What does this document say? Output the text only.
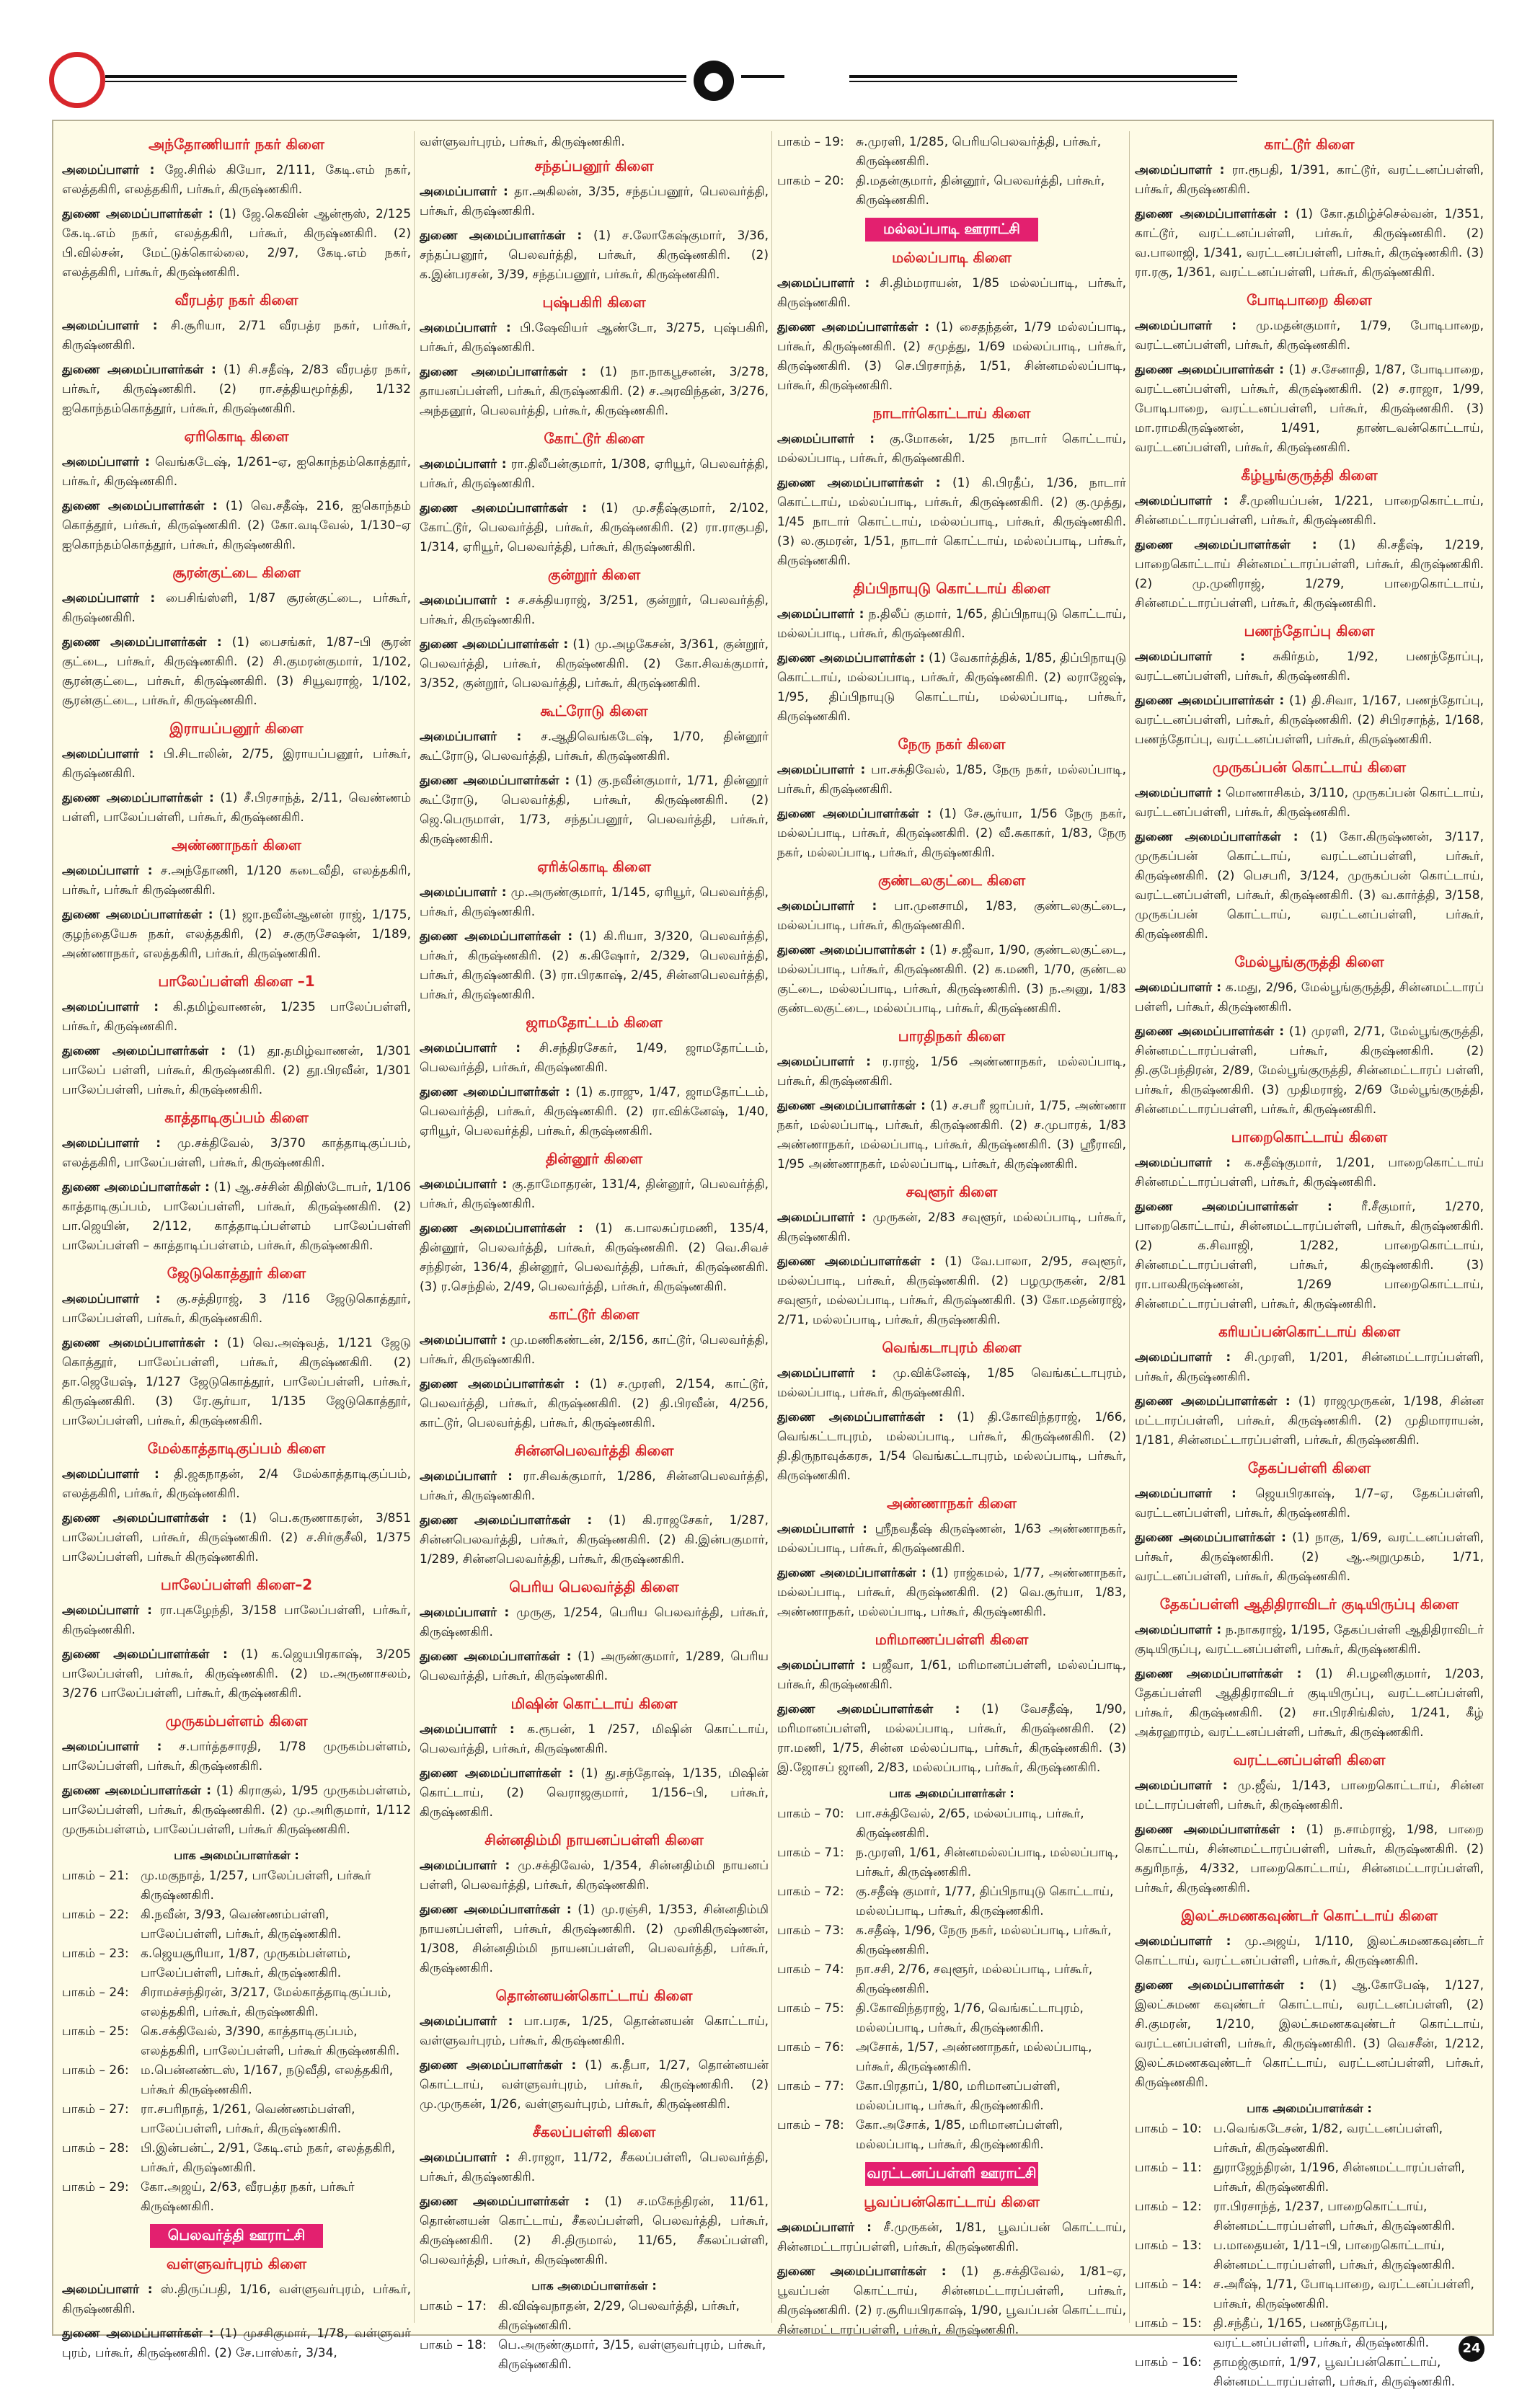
●
அந்தோணியார் நகர் கிளை

அமைப்பாளர் : ஜே.சிரில் கியோ, 2/111, கேடி.எம் நகர், எலத்தகிரி, எலத்தகிரி, பர்கூர், கிருஷ்ணகிரி.

துணை அமைப்பாளர்கள் : (1) ஜே.கெவின் ஆன்ரூஸ், 2/125 கே.டி.எம் நகர், எலத்தகிரி, பர்கூர், கிருஷ்ணகிரி. (2) பி.வில்சன், மேட்டுக்கொல்லை, 2/97, கேடி.எம் நகர், எலத்தகிரி, பர்கூர், கிருஷ்ணகிரி.

வீரபத்ர நகர் கிளை

அமைப்பாளர் : சி.சூரியா, 2/71 வீரபத்ர நகர், பர்கூர், கிருஷ்ணகிரி.

துணை அமைப்பாளர்கள் : (1) சி.சதீஷ், 2/83 வீரபத்ர நகர், பர்கூர், கிருஷ்ணகிரி. (2) ரா.சத்தியமூர்த்தி, 1/132 ஐகொந்தம்கொத்தூர், பர்கூர், கிருஷ்ணகிரி.

ஏரிகொடி கிளை

அமைப்பாளர் : வெங்கடேஷ், 1/261–ஏ, ஐகொந்தம்கொத்தூர், பர்கூர், கிருஷ்ணகிரி.

துணை அமைப்பாளர்கள் : (1) வெ.சதீஷ், 216, ஐகொந்தம் கொத்தூர், பர்கூர், கிருஷ்ணகிரி. (2) கோ.வடிவேல், 1/130–ஏ ஐகொந்தம்கொத்தூர், பர்கூர், கிருஷ்ணகிரி.

சூரன்குட்டை கிளை

அமைப்பாளர் : பைசிங்ஸ்ளி, 1/87 சூரன்குட்டை, பர்கூர், கிருஷ்ணகிரி.

துணை அமைப்பாளர்கள் : (1) பைசங்கர், 1/87–பி சூரன் குட்டை, பர்கூர், கிருஷ்ணகிரி. (2) சி.குமரன்குமார், 1/102, சூரன்குட்டை, பர்கூர், கிருஷ்ணகிரி. (3) சியூவராஜ், 1/102, சூரன்குட்டை, பர்கூர், கிருஷ்ணகிரி.

இராயப்பனூர் கிளை

அமைப்பாளர் : பி.சிடாலின், 2/75, இராயப்பனூர், பர்கூர், கிருஷ்ணகிரி.

துணை அமைப்பாளர்கள் : (1) சீ.பிரசாந்த், 2/11, வெண்ணம் பள்ளி, பாலேப்பள்ளி, பர்கூர், கிருஷ்ணகிரி.

அண்ணாநகர் கிளை

அமைப்பாளர் : ச.அந்தோணி, 1/120 கடைவீதி, எலத்தகிரி, பர்கூர், பர்கூர் கிருஷ்ணகிரி.

துணை அமைப்பாளர்கள் : (1) ஜா.நவீன்ஆனன் ராஜ், 1/175, குழந்தையேசு நகர், எலத்தகிரி, (2) ச.குருசேஷன், 1/189, அண்ணாநகர், எலத்தகிரி, பர்கூர், கிருஷ்ணகிரி.

பாலேப்பள்ளி கிளை –1

அமைப்பாளர் : கி.தமிழ்வாணன், 1/235 பாலேப்பள்ளி, பர்கூர், கிருஷ்ணகிரி.

துணை அமைப்பாளர்கள் : (1) தூ.தமிழ்வாணன், 1/301 பாலேப் பள்ளி, பர்கூர், கிருஷ்ணகிரி. (2) தூ.பிரவீன், 1/301 பாலேப்பள்ளி, பர்கூர், கிருஷ்ணகிரி.

காத்தாடிகுப்பம் கிளை

அமைப்பாளர் : மு.சக்திவேல், 3/370 காத்தாடிகுப்பம், எலத்தகிரி, பாலேப்பள்ளி, பர்கூர், கிருஷ்ணகிரி.

துணை அமைப்பாளர்கள் : (1) ஆ.சச்சின் கிறிஸ்டோபர், 1/106 காத்தாடிகுப்பம், பாலேப்பள்ளி, பர்கூர், கிருஷ்ணகிரி. (2) பா.ஜெயின், 2/112, காத்தாடிப்பள்ளம் பாலேப்பள்ளி பாலேப்பள்ளி – காத்தாடிப்பள்ளம், பர்கூர், கிருஷ்ணகிரி.

ஜேடுகொத்தூர் கிளை

அமைப்பாளர் : கு.சத்திராஜ், 3 /116 ஜேடுகொத்தூர், பாலேப்பள்ளி, பர்கூர், கிருஷ்ணகிரி.

துணை அமைப்பாளர்கள் : (1) வெ.அஷ்வத், 1/121 ஜேடு கொத்தூர், பாலேப்பள்ளி, பர்கூர், கிருஷ்ணகிரி. (2) தா.ஜெயேஷ், 1/127 ஜேடுகொத்தூர், பாலேப்பள்ளி, பர்கூர், கிருஷ்ணகிரி. (3) ரே.சூர்யா, 1/135 ஜேடுகொத்தூர், பாலேப்பள்ளி, பர்கூர், கிருஷ்ணகிரி.

மேல்காத்தாடிகுப்பம் கிளை

அமைப்பாளர் : தி.ஜகநாதன், 2/4 மேல்காத்தாடிகுப்பம், எலத்தகிரி, பர்கூர், கிருஷ்ணகிரி.

துணை அமைப்பாளர்கள் : (1) பெ.கருணாகரன், 3/851 பாலேப்பள்ளி, பர்கூர், கிருஷ்ணகிரி. (2) ச.சிர்குசீலி, 1/375 பாலேப்பள்ளி, பர்கூர் கிருஷ்ணகிரி.

பாலேப்பள்ளி கிளை–2

அமைப்பாளர் : ரா.புகழேந்தி, 3/158 பாலேப்பள்ளி, பர்கூர், கிருஷ்ணகிரி.

துணை அமைப்பாளர்கள் : (1) க.ஜெயபிரகாஷ், 3/205 பாலேப்பள்ளி, பர்கூர், கிருஷ்ணகிரி. (2) ம.அருணாசலம், 3/276 பாலேப்பள்ளி, பர்கூர், கிருஷ்ணகிரி.

முருகம்பள்ளம் கிளை

அமைப்பாளர் : ச.பார்த்தசாரதி, 1/78 முருகம்பள்ளம், பாலேப்பள்ளி, பர்கூர், கிருஷ்ணகிரி.

துணை அமைப்பாளர்கள் : (1) கிராகுல், 1/95 முருகம்பள்ளம், பாலேப்பள்ளி, பர்கூர், கிருஷ்ணகிரி. (2) மு.அரிகுமார், 1/112 முருகம்பள்ளம், பாலேப்பள்ளி, பர்கூர் கிருஷ்ணகிரி.

பாக அமைப்பாளர்கள் :
பாகம் – 21	:	மு.மகுநாத், 1/257, பாலேப்பள்ளி, பர்கூர் கிருஷ்ணகிரி.
பாகம் – 22	:	கி.நவீன், 3/93, வெண்ணம்பள்ளி, பாலேப்பள்ளி, பர்கூர், கிருஷ்ணகிரி.
பாகம் – 23	:	க.ஜெயசூரியா, 1/87, முருகம்பள்ளம், பாலேப்பள்ளி, பர்கூர், கிருஷ்ணகிரி.
பாகம் – 24	:	சிராமச்சந்திரன், 3/217, மேல்காத்தாடிகுப்பம், எலத்தகிரி, பர்கூர், கிருஷ்ணகிரி.
பாகம் – 25	:	கெ.சக்திவேல், 3/390, காத்தாடிகுப்பம், எலத்தகிரி, பாலேப்பள்ளி, பர்கூர் கிருஷ்ணகிரி.
பாகம் – 26	:	ம.பென்னண்டஸ், 1/167, நடுவீதி, எலத்தகிரி, பர்கூர் கிருஷ்ணகிரி.
பாகம் – 27	:	ரா.சபரிநாத், 1/261, வெண்ணம்பள்ளி, பாலேப்பள்ளி, பர்கூர், கிருஷ்ணகிரி.
பாகம் – 28	:	பி.இன்பன்ட், 2/91, கேடி.எம் நகர், எலத்தகிரி, பர்கூர், கிருஷ்ணகிரி.
பாகம் – 29	:	கோ.அஜய், 2/63, வீரபத்ர நகர், பர்கூர் கிருஷ்ணகிரி.
பெலவர்த்தி ஊராட்சி
வள்ளுவர்புரம் கிளை

அமைப்பாளர் : ஸ்.திருப்பதி, 1/16, வள்ளுவர்புரம், பர்கூர், கிருஷ்ணகிரி.

துணை அமைப்பாளர்கள் : (1) முசசிகுமார், 1/78, வள்ளுவர் புரம், பர்கூர், கிருஷ்ணகிரி. (2) சே.பாஸ்கர், 3/34,

வள்ளுவர்புரம், பர்கூர், கிருஷ்ணகிரி.

சந்தப்பனூர் கிளை

அமைப்பாளர் : தா.அகிலன், 3/35, சந்தப்பனூர், பெலவர்த்தி, பர்கூர், கிருஷ்ணகிரி.

துணை அமைப்பாளர்கள் : (1) ச.லோகேஷ்குமார், 3/36, சந்தப்பனூர், பெலவர்த்தி, பர்கூர், கிருஷ்ணகிரி. (2) க.இன்பரசன், 3/39, சந்தப்பனூர், பர்கூர், கிருஷ்ணகிரி.

புஷ்பகிரி கிளை

அமைப்பாளர் : பி.ஷேவியர் ஆண்டோ, 3/275, புஷ்பகிரி, பர்கூர், கிருஷ்ணகிரி.

துணை அமைப்பாளர்கள் : (1) நா.நாகபூசனன், 3/278, தாயனப்பள்ளி, பர்கூர், கிருஷ்ணகிரி. (2) ச.அரவிந்தன், 3/276, அந்தனூர், பெலவர்த்தி, பர்கூர், கிருஷ்ணகிரி.

கோட்டூர் கிளை

அமைப்பாளர் : ரா.திலீபன்குமார், 1/308, ஏரியூர், பெலவர்த்தி, பர்கூர், கிருஷ்ணகிரி.

துணை அமைப்பாளர்கள் : (1) மு.சதீஷ்குமார், 2/102, கோட்டூர், பெலவர்த்தி, பர்கூர், கிருஷ்ணகிரி. (2) ரா.ராகுபதி, 1/314, ஏரியூர், பெலவர்த்தி, பர்கூர், கிருஷ்ணகிரி.

குன்றூர் கிளை

அமைப்பாளர் : ச.சக்தியராஜ், 3/251, குன்றூர், பெலவர்த்தி, பர்கூர், கிருஷ்ணகிரி.

துணை அமைப்பாளர்கள் : (1) மு.அழகேசன், 3/361, குன்றூர், பெலவர்த்தி, பர்கூர், கிருஷ்ணகிரி. (2) கோ.சிவக்குமார், 3/352, குன்றூர், பெலவர்த்தி, பர்கூர், கிருஷ்ணகிரி.

கூட்ரோடு கிளை

அமைப்பாளர் : ச.ஆதிவெங்கடேஷ், 1/70, தின்னூர் கூட்ரோடு, பெலவர்த்தி, பர்கூர், கிருஷ்ணகிரி.

துணை அமைப்பாளர்கள் : (1) கு.நவீன்குமார், 1/71, தின்னூர் கூட்ரோடு, பெலவர்த்தி, பர்கூர், கிருஷ்ணகிரி. (2) ஜெ.பெருமாள், 1/73, சந்தப்பனூர், பெலவர்த்தி, பர்கூர், கிருஷ்ணகிரி.

ஏரிக்கொடி கிளை

அமைப்பாளர் : மு.அருண்குமார், 1/145, ஏரியூர், பெலவர்த்தி, பர்கூர், கிருஷ்ணகிரி.

துணை அமைப்பாளர்கள் : (1) கி.ரியா, 3/320, பெலவர்த்தி, பர்கூர், கிருஷ்ணகிரி. (2) க.கிஷோர், 2/329, பெலவர்த்தி, பர்கூர், கிருஷ்ணகிரி. (3) ரா.பிரகாஷ், 2/45, சின்னபெலவர்த்தி, பர்கூர், கிருஷ்ணகிரி.

ஜாமதோட்டம் கிளை

அமைப்பாளர் : சி.சந்திரசேகர், 1/49, ஜாமதோட்டம், பெலவர்த்தி, பர்கூர், கிருஷ்ணகிரி.

துணை அமைப்பாளர்கள் : (1) க.ராஜு, 1/47, ஜாமதோட்டம், பெலவர்த்தி, பர்கூர், கிருஷ்ணகிரி. (2) ரா.விக்னேஷ், 1/40, ஏரியூர், பெலவர்த்தி, பர்கூர், கிருஷ்ணகிரி.

தின்னூர் கிளை

அமைப்பாளர் : கு.தாமோதரன், 131/4, தின்னூர், பெலவர்த்தி, பர்கூர், கிருஷ்ணகிரி.

துணை அமைப்பாளர்கள் : (1) க.பாலசுப்ரமணி, 135/4, தின்னூர், பெலவர்த்தி, பர்கூர், கிருஷ்ணகிரி. (2) வெ.சிவச் சந்திரன், 136/4, தின்னூர், பெலவர்த்தி, பர்கூர், கிருஷ்ணகிரி. (3) ர.செந்தில், 2/49, பெலவர்த்தி, பர்கூர், கிருஷ்ணகிரி.

காட்டூர் கிளை

அமைப்பாளர் : மு.மணிகண்டன், 2/156, காட்டூர், பெலவர்த்தி, பர்கூர், கிருஷ்ணகிரி.

துணை அமைப்பாளர்கள் : (1) ச.முரளி, 2/154, காட்டூர், பெலவர்த்தி, பர்கூர், கிருஷ்ணகிரி. (2) தி.பிரவீன், 4/256, காட்டூர், பெலவர்த்தி, பர்கூர், கிருஷ்ணகிரி.

சின்னபெலவர்த்தி கிளை

அமைப்பாளர் : ரா.சிவக்குமார், 1/286, சின்னபெலவர்த்தி, பர்கூர், கிருஷ்ணகிரி.

துணை அமைப்பாளர்கள் : (1) கி.ராஜசேகர், 1/287, சின்னபெலவர்த்தி, பர்கூர், கிருஷ்ணகிரி. (2) கி.இன்பகுமார், 1/289, சின்னபெலவர்த்தி, பர்கூர், கிருஷ்ணகிரி.

பெரிய பெலவர்த்தி கிளை

அமைப்பாளர் : முருகு, 1/254, பெரிய பெலவர்த்தி, பர்கூர், கிருஷ்ணகிரி.

துணை அமைப்பாளர்கள் : (1) அருண்குமார், 1/289, பெரிய பெலவர்த்தி, பர்கூர், கிருஷ்ணகிரி.

மிஷின் கொட்டாய் கிளை

அமைப்பாளர் : க.ரூபன், 1 /257, மிஷின் கொட்டாய், பெலவர்த்தி, பர்கூர், கிருஷ்ணகிரி.

துணை அமைப்பாளர்கள் : (1) து.சந்தோஷ், 1/135, மிஷின் கொட்டாய், (2) வெராஜகுமார், 1/156–பி, பர்கூர், கிருஷ்ணகிரி.

சின்னதிம்மி நாயனப்பள்ளி கிளை

அமைப்பாளர் : மு.சக்திவேல், 1/354, சின்னதிம்மி நாயனப் பள்ளி, பெலவர்த்தி, பர்கூர், கிருஷ்ணகிரி.

துணை அமைப்பாளர்கள் : (1) மு.ரஞ்சி, 1/353, சின்னதிம்மி நாயனப்பள்ளி, பர்கூர், கிருஷ்ணகிரி. (2) முனிகிருஷ்ணன், 1/308, சின்னதிம்மி நாயனப்பள்ளி, பெலவர்த்தி, பர்கூர், கிருஷ்ணகிரி.

தொன்னயன்கொட்டாய் கிளை

அமைப்பாளர் : பா.பரசு, 1/25, தொன்னயன் கொட்டாய், வள்ளுவர்புரம், பர்கூர், கிருஷ்ணகிரி.

துணை அமைப்பாளர்கள் : (1) க.தீபா, 1/27, தொன்னயன் கொட்டாய், வள்ளுவர்புரம், பர்கூர், கிருஷ்ணகிரி. (2) மு.முருகன், 1/26, வள்ளுவர்புரம், பர்கூர், கிருஷ்ணகிரி.

சீகலப்பள்ளி கிளை

அமைப்பாளர் : சி.ராஜா, 11/72, சீகலப்பள்ளி, பெலவர்த்தி, பர்கூர், கிருஷ்ணகிரி.

துணை அமைப்பாளர்கள் : (1) ச.மகேந்திரன், 11/61, தொன்னயன் கொட்டாய், சீகலப்பள்ளி, பெலவர்த்தி, பர்கூர், கிருஷ்ணகிரி. (2) சி.திருமால், 11/65, சீகலப்பள்ளி, பெலவர்த்தி, பர்கூர், கிருஷ்ணகிரி.

பாக அமைப்பாளர்கள் :
பாகம் – 17	:	கி.விஷ்வநாதன், 2/29, பெலவர்த்தி, பர்கூர், கிருஷ்ணகிரி.
பாகம் – 18	:	பெ.அருண்குமார், 3/15, வள்ளுவர்புரம், பர்கூர், கிருஷ்ணகிரி.
பாகம் – 19	:	சு.முரளி, 1/285, பெரியபெலவர்த்தி, பர்கூர், கிருஷ்ணகிரி.
பாகம் – 20	:	தி.மதன்குமார், தின்னூர், பெலவர்த்தி, பர்கூர், கிருஷ்ணகிரி.
மல்லப்பாடி ஊராட்சி
மல்லப்பாடி கிளை

அமைப்பாளர் : சி.திம்மராயன், 1/85 மல்லப்பாடி, பர்கூர், கிருஷ்ணகிரி.

துணை அமைப்பாளர்கள் : (1) சைதந்தன், 1/79 மல்லப்பாடி, பர்கூர், கிருஷ்ணகிரி. (2) சமுத்து, 1/69 மல்லப்பாடி, பர்கூர், கிருஷ்ணகிரி. (3) செ.பிரசாந்த், 1/51, சின்னமல்லப்பாடி, பர்கூர், கிருஷ்ணகிரி.

நாடார்கொட்டாய் கிளை

அமைப்பாளர் : கு.மோகன், 1/25 நாடார் கொட்டாய், மல்லப்பாடி, பர்கூர், கிருஷ்ணகிரி.

துணை அமைப்பாளர்கள் : (1) கி.பிரதீப், 1/36, நாடார் கொட்டாய், மல்லப்பாடி, பர்கூர், கிருஷ்ணகிரி. (2) கு.முத்து, 1/45 நாடார் கொட்டாய், மல்லப்பாடி, பர்கூர், கிருஷ்ணகிரி. (3) ல.குமரன், 1/51, நாடார் கொட்டாய், மல்லப்பாடி, பர்கூர், கிருஷ்ணகிரி.

திப்பிநாயுடு கொட்டாய் கிளை

அமைப்பாளர் : ந.திலீப் குமார், 1/65, திப்பிநாயுடு கொட்டாய், மல்லப்பாடி, பர்கூர், கிருஷ்ணகிரி.

துணை அமைப்பாளர்கள் : (1) வேகார்த்திக், 1/85, திப்பிநாயுடு கொட்டாய், மல்லப்பாடி, பர்கூர், கிருஷ்ணகிரி. (2) லராஜேஷ், 1/95, திப்பிநாயுடு கொட்டாய், மல்லப்பாடி, பர்கூர், கிருஷ்ணகிரி.

நேரு நகர் கிளை

அமைப்பாளர் : பா.சக்திவேல், 1/85, நேரு நகர், மல்லப்பாடி, பர்கூர், கிருஷ்ணகிரி.

துணை அமைப்பாளர்கள் : (1) சே.சூர்யா, 1/56 நேரு நகர், மல்லப்பாடி, பர்கூர், கிருஷ்ணகிரி. (2) வீ.சுகாகர், 1/83, நேரு நகர், மல்லப்பாடி, பர்கூர், கிருஷ்ணகிரி.

குண்டலகுட்டை கிளை

அமைப்பாளர் : பா.முனசாமி, 1/83, குண்டலகுட்டை, மல்லப்பாடி, பர்கூர், கிருஷ்ணகிரி.

துணை அமைப்பாளர்கள் : (1) ச.ஜீவா, 1/90, குண்டலகுட்டை, மல்லப்பாடி, பர்கூர், கிருஷ்ணகிரி. (2) க.மணி, 1/70, குண்டல குட்டை, மல்லப்பாடி, பர்கூர், கிருஷ்ணகிரி. (3) ந.அனு, 1/83 குண்டலகுட்டை, மல்லப்பாடி, பர்கூர், கிருஷ்ணகிரி.

பாரதிநகர் கிளை

அமைப்பாளர் : ர.ராஜ், 1/56 அண்ணாநகர், மல்லப்பாடி, பர்கூர், கிருஷ்ணகிரி.

துணை அமைப்பாளர்கள் : (1) ச.சபரீ ஜாப்பர், 1/75, அண்ணா நகர், மல்லப்பாடி, பர்கூர், கிருஷ்ணகிரி. (2) ச.முபாரக், 1/83 அண்ணாநகர், மல்லப்பாடி, பர்கூர், கிருஷ்ணகிரி. (3) ஸ்ரீராவி, 1/95 அண்ணாநகர், மல்லப்பாடி, பர்கூர், கிருஷ்ணகிரி.

சவுளூர் கிளை

அமைப்பாளர் : முருகன், 2/83 சவுளூர், மல்லப்பாடி, பர்கூர், கிருஷ்ணகிரி.

துணை அமைப்பாளர்கள் : (1) வே.பாலா, 2/95, சவுளூர், மல்லப்பாடி, பர்கூர், கிருஷ்ணகிரி. (2) பழமுருகன், 2/81 சவுளூர், மல்லப்பாடி, பர்கூர், கிருஷ்ணகிரி. (3) கோ.மதன்ராஜ், 2/71, மல்லப்பாடி, பர்கூர், கிருஷ்ணகிரி.

வெங்கடாபுரம் கிளை

அமைப்பாளர் : மு.விக்னேஷ், 1/85 வெங்கட்டாபுரம், மல்லப்பாடி, பர்கூர், கிருஷ்ணகிரி.

துணை அமைப்பாளர்கள் : (1) தி.கோவிந்தராஜ், 1/66, வெங்கட்டாபுரம், மல்லப்பாடி, பர்கூர், கிருஷ்ணகிரி. (2) தி.திருநாவுக்கரசு, 1/54 வெங்கட்டாபுரம், மல்லப்பாடி, பர்கூர், கிருஷ்ணகிரி.

அண்ணாநகர் கிளை

அமைப்பாளர் : ஸ்ரீநவதீஷ் கிருஷ்ணன், 1/63 அண்ணாநகர், மல்லப்பாடி, பர்கூர், கிருஷ்ணகிரி.

துணை அமைப்பாளர்கள் : (1) ராஜ்கமல், 1/77, அண்ணாநகர், மல்லப்பாடி, பர்கூர், கிருஷ்ணகிரி. (2) வெ.சூர்யா, 1/83, அண்ணாநகர், மல்லப்பாடி, பர்கூர், கிருஷ்ணகிரி.

மரிமாணப்பள்ளி கிளை

அமைப்பாளர் : பஜீவா, 1/61, மரிமானப்பள்ளி, மல்லப்பாடி, பர்கூர், கிருஷ்ணகிரி.

துணை அமைப்பாளர்கள் : (1) வேசதீஷ், 1/90, மரிமானப்பள்ளி, மல்லப்பாடி, பர்கூர், கிருஷ்ணகிரி. (2) ரா.மணி, 1/75, சின்ன மல்லப்பாடி, பர்கூர், கிருஷ்ணகிரி. (3) இ.ஜோசப் ஜானி, 2/83, மல்லப்பாடி, பர்கூர், கிருஷ்ணகிரி.

பாக அமைப்பாளர்கள் :
பாகம் – 70	:	பா.சக்திவேல், 2/65, மல்லப்பாடி, பர்கூர், கிருஷ்ணகிரி.
பாகம் – 71	:	ந.முரளி, 1/61, சின்னமல்லப்பாடி, மல்லப்பாடி, பர்கூர், கிருஷ்ணகிரி.
பாகம் – 72	:	கு.சதீஷ் குமார், 1/77, திப்பிநாயுடு கொட்டாய், மல்லப்பாடி, பர்கூர், கிருஷ்ணகிரி.
பாகம் – 73	:	க.சதீஷ், 1/96, நேரு நகர், மல்லப்பாடி, பர்கூர், கிருஷ்ணகிரி.
பாகம் – 74	:	நா.சசி, 2/76, சவுளூர், மல்லப்பாடி, பர்கூர், கிருஷ்ணகிரி.
பாகம் – 75	:	தி.கோவிந்தராஜ், 1/76, வெங்கட்டாபுரம், மல்லப்பாடி, பர்கூர், கிருஷ்ணகிரி.
பாகம் – 76	:	அசோக், 1/57, அண்ணாநகர், மல்லப்பாடி, பர்கூர், கிருஷ்ணகிரி.
பாகம் – 77	:	கோ.பிரதாப், 1/80, மரிமானப்பள்ளி, மல்லப்பாடி, பர்கூர், கிருஷ்ணகிரி.
பாகம் – 78	:	கோ.அசோக், 1/85, மரிமானப்பள்ளி, மல்லப்பாடி, பர்கூர், கிருஷ்ணகிரி.
வரட்டனப்பள்ளி ஊராட்சி
பூவப்பன்கொட்டாய் கிளை

அமைப்பாளர் : சீ.முருகன், 1/81, பூவப்பன் கொட்டாய், சின்னமட்டாரப்பள்ளி, பர்கூர், கிருஷ்ணகிரி.

துணை அமைப்பாளர்கள் : (1) த.சக்திவேல், 1/81–ஏ, பூவப்பன் கொட்டாய், சின்னமட்டாரப்பள்ளி, பர்கூர், கிருஷ்ணகிரி. (2) ர.சூரியபிரகாஷ், 1/90, பூவப்பன் கொட்டாய், சின்னமட்டாரப்பள்ளி, பர்கூர், கிருஷ்ணகிரி.

காட்டூர் கிளை

அமைப்பாளர் : ரா.ரூபதி, 1/391, காட்டூர், வரட்டனப்பள்ளி, பர்கூர், கிருஷ்ணகிரி.

துணை அமைப்பாளர்கள் : (1) கோ.தமிழ்ச்செல்வன், 1/351, காட்டூர், வரட்டனப்பள்ளி, பர்கூர், கிருஷ்ணகிரி. (2) வ.பாலாஜி, 1/341, வரட்டனப்பள்ளி, பர்கூர், கிருஷ்ணகிரி. (3) ரா.ரகு, 1/361, வரட்டனப்பள்ளி, பர்கூர், கிருஷ்ணகிரி.

போடிபாறை கிளை

அமைப்பாளர் : மு.மதன்குமார், 1/79, போடிபாறை, வரட்டனப்பள்ளி, பர்கூர், கிருஷ்ணகிரி.

துணை அமைப்பாளர்கள் : (1) ச.சேனாதி, 1/87, போடிபாறை, வரட்டனப்பள்ளி, பர்கூர், கிருஷ்ணகிரி. (2) ச.ராஜா, 1/99, போடிபாறை, வரட்டனப்பள்ளி, பர்கூர், கிருஷ்ணகிரி. (3) மா.ராமகிருஷ்ணன், 1/491, தாண்டவன்கொட்டாய், வரட்டனப்பள்ளி, பர்கூர், கிருஷ்ணகிரி.

கீழ்பூங்குருத்தி கிளை

அமைப்பாளர் : சீ.முனியப்பன், 1/221, பாறைகொட்டாய், சின்னமட்டாரப்பள்ளி, பர்கூர், கிருஷ்ணகிரி.

துணை அமைப்பாளர்கள் : (1) கி.சதீஷ், 1/219, பாறைகொட்டாய் சின்னமட்டாரப்பள்ளி, பர்கூர், கிருஷ்ணகிரி. (2) மு.முனிராஜ், 1/279, பாறைகொட்டாய், சின்னமட்டாரப்பள்ளி, பர்கூர், கிருஷ்ணகிரி.

பணந்தோப்பு கிளை

அமைப்பாளர் : சுகிர்தம், 1/92, பணந்தோப்பு, வரட்டனப்பள்ளி, பர்கூர், கிருஷ்ணகிரி.

துணை அமைப்பாளர்கள் : (1) தி.சிவா, 1/167, பணந்தோப்பு, வரட்டனப்பள்ளி, பர்கூர், கிருஷ்ணகிரி. (2) சிபிரசாந்த், 1/168, பணந்தோப்பு, வரட்டனப்பள்ளி, பர்கூர், கிருஷ்ணகிரி.

முருகப்பன் கொட்டாய் கிளை

அமைப்பாளர் : மொணாசிகம், 3/110, முருகப்பன் கொட்டாய், வரட்டனப்பள்ளி, பர்கூர், கிருஷ்ணகிரி.

துணை அமைப்பாளர்கள் : (1) கோ.கிருஷ்ணன், 3/117, முருகப்பன் கொட்டாய், வரட்டனப்பள்ளி, பர்கூர், கிருஷ்ணகிரி. (2) பெசபரி, 3/124, முருகப்பன் கொட்டாய், வரட்டனப்பள்ளி, பர்கூர், கிருஷ்ணகிரி. (3) வ.கார்த்தி, 3/158, முருகப்பன் கொட்டாய், வரட்டனப்பள்ளி, பர்கூர், கிருஷ்ணகிரி.

மேல்பூங்குருத்தி கிளை

அமைப்பாளர் : க.மது, 2/96, மேல்பூங்குருத்தி, சின்னமட்டாரப் பள்ளி, பர்கூர், கிருஷ்ணகிரி.

துணை அமைப்பாளர்கள் : (1) முரளி, 2/71, மேல்பூங்குருத்தி, சின்னமட்டாரப்பள்ளி, பர்கூர், கிருஷ்ணகிரி. (2) தி.குபேந்திரன், 2/89, மேல்பூங்குருத்தி, சின்னமட்டாரப் பள்ளி, பர்கூர், கிருஷ்ணகிரி. (3) முதிமராஜ், 2/69 மேல்பூங்குருத்தி, சின்னமட்டாரப்பள்ளி, பர்கூர், கிருஷ்ணகிரி.

பாறைகொட்டாய் கிளை

அமைப்பாளர் : க.சதீஷ்குமார், 1/201, பாறைகொட்டாய் சின்னமட்டாரப்பள்ளி, பர்கூர், கிருஷ்ணகிரி.

துணை அமைப்பாளர்கள் : ரீ.சீகுமார், 1/270, பாறைகொட்டாய், சின்னமட்டாரப்பள்ளி, பர்கூர், கிருஷ்ணகிரி. (2) க.சிவாஜி, 1/282, பாறைகொட்டாய், சின்னமட்டாரப்பள்ளி, பர்கூர், கிருஷ்ணகிரி. (3) ரா.பாலகிருஷ்ணன், 1/269 பாறைகொட்டாய், சின்னமட்டாரப்பள்ளி, பர்கூர், கிருஷ்ணகிரி.

கரியப்பன்கொட்டாய் கிளை

அமைப்பாளர் : சி.முரளி, 1/201, சின்னமட்டாரப்பள்ளி, பர்கூர், கிருஷ்ணகிரி.

துணை அமைப்பாளர்கள் : (1) ராஜமுருகன், 1/198, சின்ன மட்டாரப்பள்ளி, பர்கூர், கிருஷ்ணகிரி. (2) முதிமாராயன், 1/181, சின்னமட்டாரப்பள்ளி, பர்கூர், கிருஷ்ணகிரி.

தேகப்பள்ளி கிளை

அமைப்பாளர் : ஜெயபிரகாஷ், 1/7–ஏ, தேகப்பள்ளி, வரட்டனப்பள்ளி, பர்கூர், கிருஷ்ணகிரி.

துணை அமைப்பாளர்கள் : (1) நாகு, 1/69, வரட்டனப்பள்ளி, பர்கூர், கிருஷ்ணகிரி. (2) ஆ.அறுமுகம், 1/71, வரட்டனப்பள்ளி, பர்கூர், கிருஷ்ணகிரி.

தேகப்பள்ளி ஆதிதிராவிடர் குடியிருப்பு கிளை

அமைப்பாளர் : ந.நாகராஜ், 1/195, தேகப்பள்ளி ஆதிதிராவிடர் குடியிருப்பு, வரட்டனப்பள்ளி, பர்கூர், கிருஷ்ணகிரி.

துணை அமைப்பாளர்கள் : (1) சி.பழனிகுமார், 1/203, தேகப்பள்ளி ஆதிதிராவிடர் குடியிருப்பு, வரட்டனப்பள்ளி, பர்கூர், கிருஷ்ணகிரி. (2) சா.பிரசிங்கிஸ், 1/241, கீழ் அக்ரஹாரம், வரட்டனப்பள்ளி, பர்கூர், கிருஷ்ணகிரி.

வரட்டனப்பள்ளி கிளை

அமைப்பாளர் : மு.ஜீவ், 1/143, பாறைகொட்டாய், சின்ன மட்டாரப்பள்ளி, பர்கூர், கிருஷ்ணகிரி.

துணை அமைப்பாளர்கள் : (1) ந.சாம்ராஜ், 1/98, பாறை கொட்டாய், சின்னமட்டாரப்பள்ளி, பர்கூர், கிருஷ்ணகிரி. (2) கதுரிநாத், 4/332, பாறைகொட்டாய், சின்னமட்டாரப்பள்ளி, பர்கூர், கிருஷ்ணகிரி.

இலட்சுமணகவுண்டர் கொட்டாய் கிளை

அமைப்பாளர் : மு.அஜய், 1/110, இலட்சுமணகவுண்டர் கொட்டாய், வரட்டனப்பள்ளி, பர்கூர், கிருஷ்ணகிரி.

துணை அமைப்பாளர்கள் : (1) ஆ.கோபேஷ், 1/127, இலட்சுமண கவுண்டர் கொட்டாய், வரட்டனப்பள்ளி, (2) சி.குமரன், 1/210, இலட்சுமணகவுண்டர் கொட்டாய், வரட்டனப்பள்ளி, பர்கூர், கிருஷ்ணகிரி. (3) வெசசீன், 1/212, இலட்சுமணகவுண்டர் கொட்டாய், வரட்டனப்பள்ளி, பர்கூர், கிருஷ்ணகிரி.

பாக அமைப்பாளர்கள் :
பாகம் – 10	:	ப.வெங்கடேசன், 1/82, வரட்டனப்பள்ளி, பர்கூர், கிருஷ்ணகிரி.
பாகம் – 11	:	துராஜேந்திரன், 1/196, சின்னமட்டாரப்பள்ளி, பர்கூர், கிருஷ்ணகிரி.
பாகம் – 12	:	ரா.பிரசாந்த், 1/237, பாறைகொட்டாய், சின்னமட்டாரப்பள்ளி, பர்கூர், கிருஷ்ணகிரி.
பாகம் – 13	:	ப.மாதையன், 1/11–பி, பாறைகொட்டாய், சின்னமட்டாரப்பள்ளி, பர்கூர், கிருஷ்ணகிரி.
பாகம் – 14	:	ச.அரீஷ், 1/71, போடிபாறை, வரட்டனப்பள்ளி, பர்கூர், கிருஷ்ணகிரி.
பாகம் – 15	:	தி.சந்தீப், 1/165, பணந்தோப்பு, வரட்டனப்பள்ளி, பர்கூர், கிருஷ்ணகிரி.
பாகம் – 16	:	தாமஜ்குமார், 1/97, பூவப்பன்கொட்டாய், சின்னமட்டாரப்பள்ளி, பர்கூர், கிருஷ்ணகிரி.
24
